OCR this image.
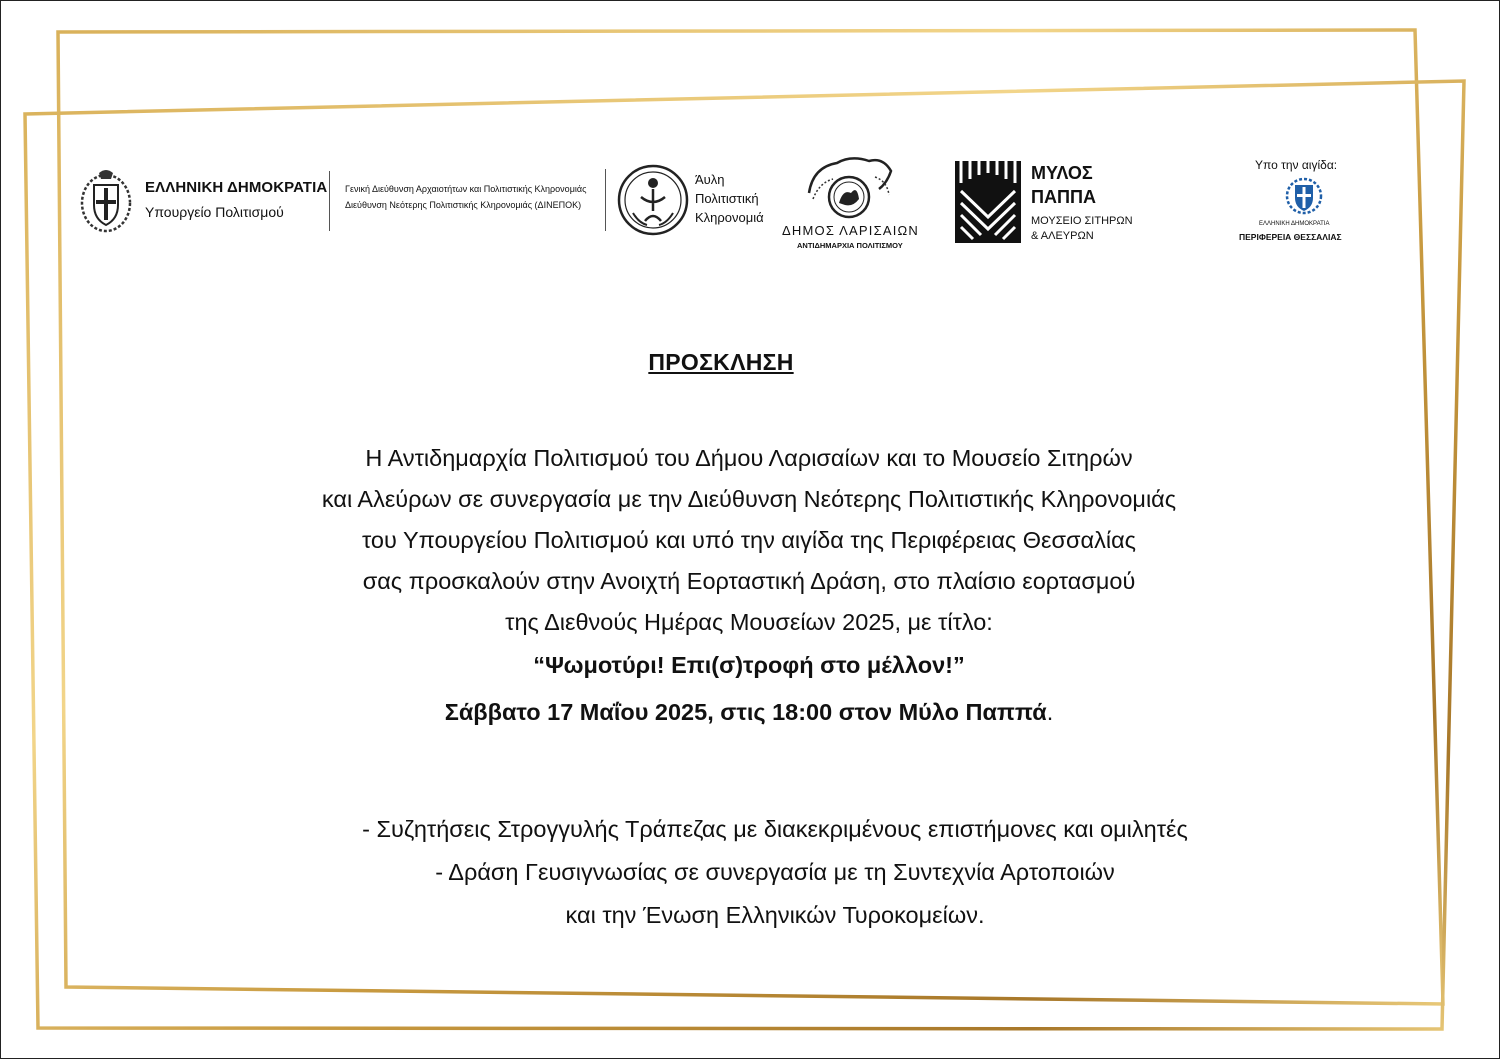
ΕΛΛΗΝΙΚΗ ΔΗΜΟΚΡΑΤΙΑ
Υπουργείο Πολιτισμού
Γενική Διεύθυνση Αρχαιοτήτων και Πολιτιστικής Κληρονομιάς
Διεύθυνση Νεότερης Πολιτιστικής Κληρονομιάς (ΔΙΝΕΠΟΚ)
Άυλη
Πολιτιστική
Κληρονομιά
ΔΗΜΟΣ ΛΑΡΙΣΑΙΩΝ
ΑΝΤΙΔΗΜΑΡΧΙΑ ΠΟΛΙΤΙΣΜΟΥ
ΜΥΛΟΣ
ΠΑΠΠΑ
ΜΟΥΣΕΙΟ ΣΙΤΗΡΩΝ
& ΑΛΕΥΡΩΝ
Υπο την αιγίδα:
ΕΛΛΗΝΙΚΗ ΔΗΜΟΚΡΑΤΙΑ
ΠΕΡΙΦΕΡΕΙΑ ΘΕΣΣΑΛΙΑΣ
ΠΡΟΣΚΛΗΣΗ
Η Αντιδημαρχία Πολιτισμού του Δήμου Λαρισαίων και το Μουσείο Σιτηρών
και Αλεύρων σε συνεργασία με την Διεύθυνση Νεότερης Πολιτιστικής Κληρονομιάς
του Υπουργείου Πολιτισμού και υπό την αιγίδα της Περιφέρειας Θεσσαλίας
σας προσκαλούν στην Ανοιχτή Εορταστική Δράση, στο πλαίσιο εορτασμού
της Διεθνούς Ημέρας Μουσείων 2025, με τίτλο:
“Ψωμοτύρι! Επι(σ)τροφή στο μέλλον!”
Σάββατο 17 Μαΐου 2025, στις 18:00 στον Μύλο Παππά.
- Συζητήσεις Στρογγυλής Τράπεζας με διακεκριμένους επιστήμονες και ομιλητές
- Δράση Γευσιγνωσίας σε συνεργασία με τη Συντεχνία Αρτοποιών
και την Ένωση Ελληνικών Τυροκομείων.
